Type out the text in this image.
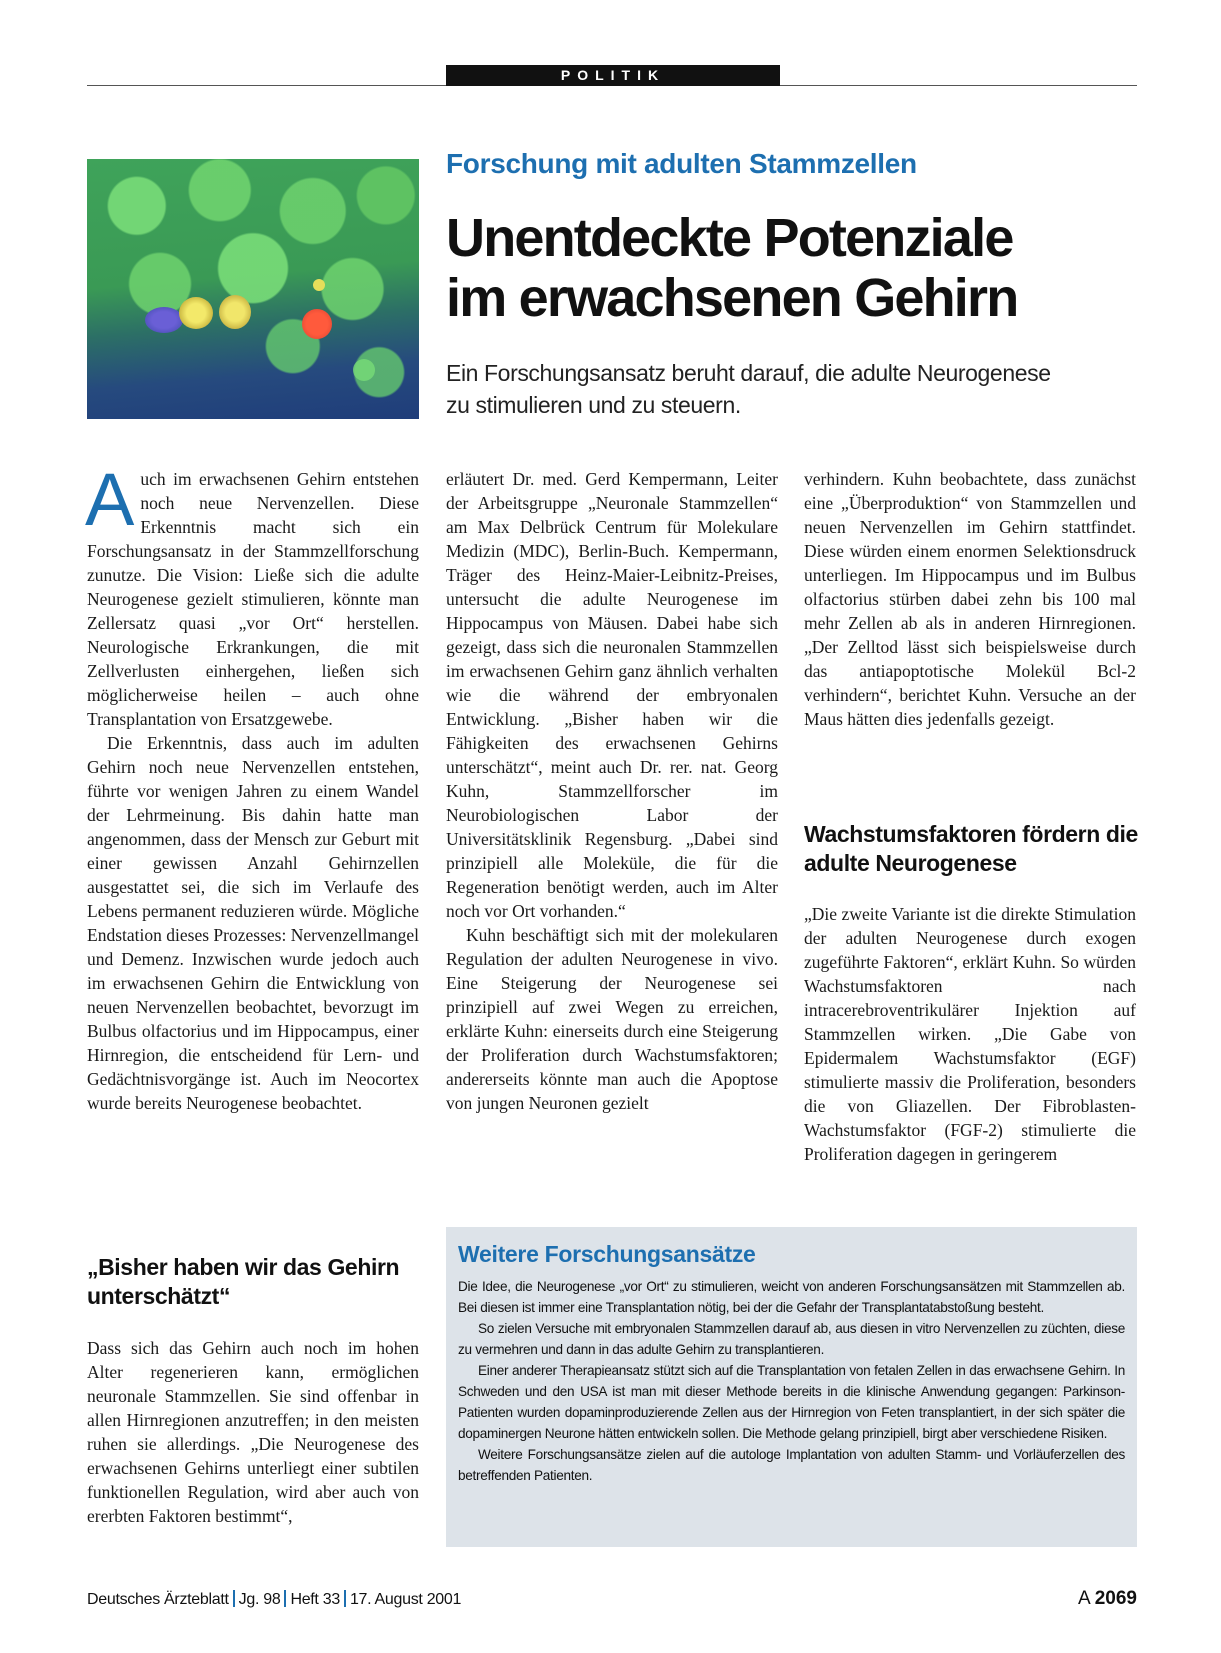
POLITIK
Forschung mit adulten Stammzellen
Unentdeckte Potenziale
im erwachsenen Gehirn
Ein Forschungsansatz beruht darauf, die adulte Neurogenese
zu stimulieren und zu steuern.

Auch im erwachsenen Gehirn entstehen noch neue Nervenzellen. Diese Erkenntnis macht sich ein Forschungsansatz in der Stammzellforschung zunutze. Die Vision: Ließe sich die adulte Neurogenese gezielt stimulieren, könnte man Zellersatz quasi „vor Ort“ herstellen. Neurologische Erkrankungen, die mit Zellverlusten einhergehen, ließen sich möglicherweise heilen – auch ohne Transplantation von Ersatzgewebe.

Die Erkenntnis, dass auch im adulten Gehirn noch neue Nervenzellen entstehen, führte vor wenigen Jahren zu einem Wandel der Lehrmeinung. Bis dahin hatte man angenommen, dass der Mensch zur Geburt mit einer gewissen Anzahl Gehirnzellen ausgestattet sei, die sich im Verlaufe des Lebens permanent reduzieren würde. Mögliche Endstation dieses Prozesses: Nervenzellmangel und Demenz. Inzwischen wurde jedoch auch im erwachsenen Gehirn die Entwicklung von neuen Nervenzellen beobachtet, bevorzugt im Bulbus olfactorius und im Hippocampus, einer Hirnregion, die entscheidend für Lern- und Gedächtnisvorgänge ist. Auch im Neocortex wurde bereits Neurogenese beobachtet.

„Bisher haben wir das Gehirn unterschätzt“

Dass sich das Gehirn auch noch im hohen Alter regenerieren kann, ermöglichen neuronale Stammzellen. Sie sind offenbar in allen Hirnregionen anzutreffen; in den meisten ruhen sie allerdings. „Die Neurogenese des erwachsenen Gehirns unterliegt einer subtilen funktionellen Regulation, wird aber auch von ererbten Faktoren bestimmt“,

erläutert Dr. med. Gerd Kempermann, Leiter der Arbeitsgruppe „Neuronale Stammzellen“ am Max Delbrück Centrum für Molekulare Medizin (MDC), Berlin-Buch. Kempermann, Träger des Heinz-Maier-Leibnitz-Preises, untersucht die adulte Neurogenese im Hippocampus von Mäusen. Dabei habe sich gezeigt, dass sich die neuronalen Stammzellen im erwachsenen Gehirn ganz ähnlich verhalten wie die während der embryonalen Entwicklung. „Bisher haben wir die Fähigkeiten des erwachsenen Gehirns unterschätzt“, meint auch Dr. rer. nat. Georg Kuhn, Stammzellforscher im Neurobiologischen Labor der Universitätsklinik Regensburg. „Dabei sind prinzipiell alle Moleküle, die für die Regeneration benötigt werden, auch im Alter noch vor Ort vorhanden.“

Kuhn beschäftigt sich mit der molekularen Regulation der adulten Neurogenese in vivo. Eine Steigerung der Neurogenese sei prinzipiell auf zwei Wegen zu erreichen, erklärte Kuhn: einerseits durch eine Steigerung der Proliferation durch Wachstumsfaktoren; andererseits könnte man auch die Apoptose von jungen Neuronen gezielt

verhindern. Kuhn beobachtete, dass zunächst eine „Überproduktion“ von Stammzellen und neuen Nervenzellen im Gehirn stattfindet. Diese würden einem enormen Selektionsdruck unterliegen. Im Hippocampus und im Bulbus olfactorius stürben dabei zehn bis 100 mal mehr Zellen ab als in anderen Hirnregionen. „Der Zelltod lässt sich beispielsweise durch das antiapoptotische Molekül Bcl-2 verhindern“, berichtet Kuhn. Versuche an der Maus hätten dies jedenfalls gezeigt.

Wachstumsfaktoren fördern die adulte Neurogenese

„Die zweite Variante ist die direkte Stimulation der adulten Neurogenese durch exogen zugeführte Faktoren“, erklärt Kuhn. So würden Wachstumsfaktoren nach intracerebroventrikulärer Injektion auf Stammzellen wirken. „Die Gabe von Epidermalem Wachstumsfaktor (EGF) stimulierte massiv die Proliferation, besonders die von Gliazellen. Der Fibroblasten-Wachstumsfaktor (FGF-2) stimulierte die Proliferation dagegen in geringerem

Weitere Forschungsansätze

Die Idee, die Neurogenese „vor Ort“ zu stimulieren, weicht von anderen Forschungsansätzen mit Stammzellen ab. Bei diesen ist immer eine Transplantation nötig, bei der die Gefahr der Transplantatabstoßung besteht.

So zielen Versuche mit embryonalen Stammzellen darauf ab, aus diesen in vitro Nervenzellen zu züchten, diese zu vermehren und dann in das adulte Gehirn zu transplantieren.

Einer anderer Therapieansatz stützt sich auf die Transplantation von fetalen Zellen in das erwachsene Gehirn. In Schweden und den USA ist man mit dieser Methode bereits in die klinische Anwendung gegangen: Parkinson-Patienten wurden dopaminproduzierende Zellen aus der Hirnregion von Feten transplantiert, in der sich später die dopaminergen Neurone hätten entwickeln sollen. Die Methode gelang prinzipiell, birgt aber verschiedene Risiken.

Weitere Forschungsansätze zielen auf die autologe Implantation von adulten Stamm- und Vorläuferzellen des betreffenden Patienten.

Deutsches Ärzteblatt Jg. 98 Heft 33 17. August 2001	A 2069
